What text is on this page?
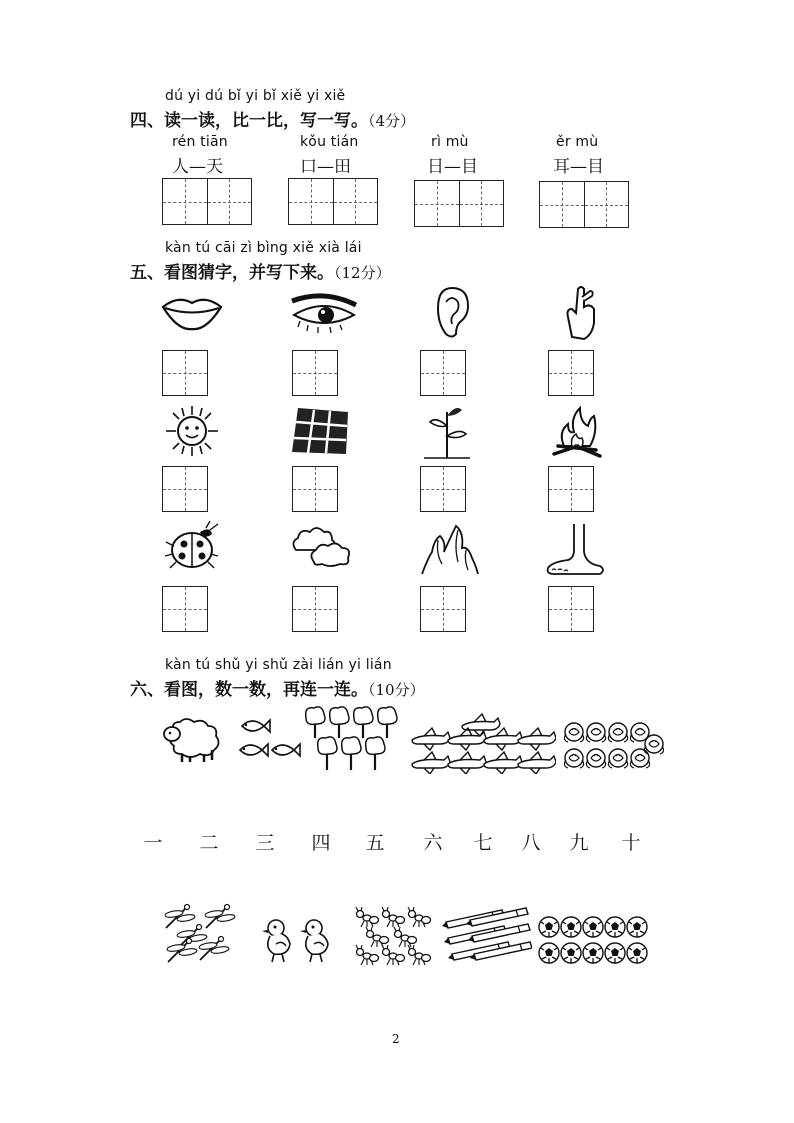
dú yi dú bǐ yi bǐ xiě yi xiě
四、读一读，比一比，写一写。（4分）
rén tiān
人—天
kǒu tián
口—田
rì mù
日—目
ěr mù
耳—目
kàn tú cāi zì bìng xiě xià lái
五、看图猜字，并写下来。（12分）
kàn tú shǔ yi shǔ zài lián yi lián
六、看图，数一数，再连一连。（10分）
一 二 三 四 五 六 七 八 九 十
2
